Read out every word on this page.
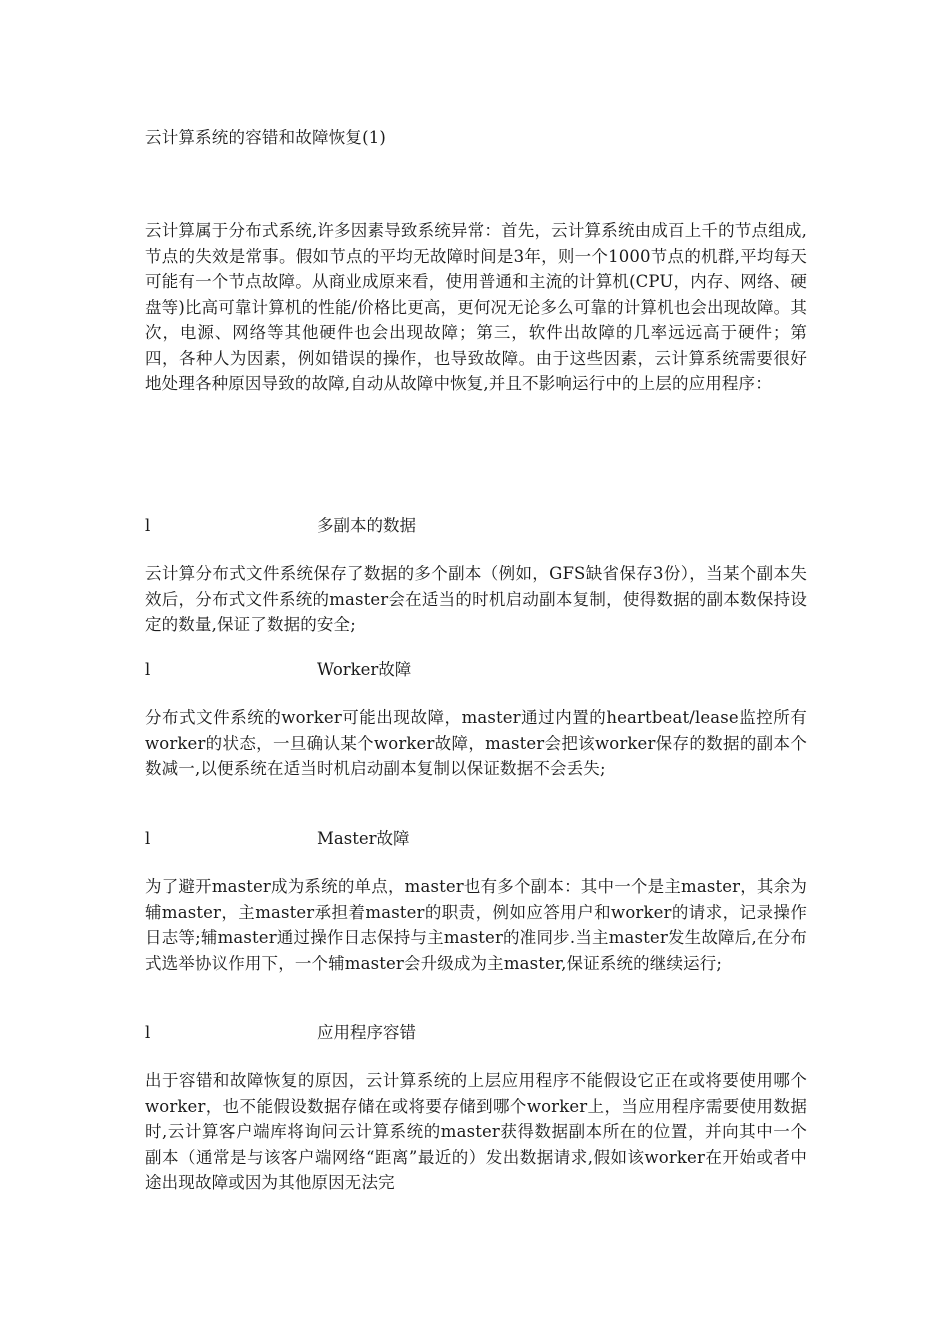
云计算系统的容错和故障恢复(1)
云计算属于分布式系统,许多因素导致系统异常：首先，云计算系统由成百上千的节点组成,节点的失效是常事。假如节点的平均无故障时间是3年，则一个1000节点的机群,平均每天可能有一个节点故障。从商业成原来看，使用普通和主流的计算机(CPU，内存、网络、硬盘等)比高可靠计算机的性能/价格比更高，更何况无论多么可靠的计算机也会出现故障。其次，电源、网络等其他硬件也会出现故障；第三，软件出故障的几率远远高于硬件；第四，各种人为因素，例如错误的操作，也导致故障。由于这些因素，云计算系统需要很好地处理各种原因导致的故障,自动从故障中恢复,并且不影响运行中的上层的应用程序：
l	多副本的数据
云计算分布式文件系统保存了数据的多个副本（例如，GFS缺省保存3份），当某个副本失效后，分布式文件系统的master会在适当的时机启动副本复制，使得数据的副本数保持设定的数量,保证了数据的安全;
l	Worker故障
分布式文件系统的worker可能出现故障，master通过内置的heartbeat/lease监控所有worker的状态，一旦确认某个worker故障，master会把该worker保存的数据的副本个数减一,以便系统在适当时机启动副本复制以保证数据不会丢失;
l	Master故障
为了避开master成为系统的单点，master也有多个副本：其中一个是主master，其余为辅master，主master承担着master的职责，例如应答用户和worker的请求，记录操作日志等;辅master通过操作日志保持与主master的准同步.当主master发生故障后,在分布式选举协议作用下，一个辅master会升级成为主master,保证系统的继续运行;
l	应用程序容错
出于容错和故障恢复的原因，云计算系统的上层应用程序不能假设它正在或将要使用哪个worker，也不能假设数据存储在或将要存储到哪个worker上，当应用程序需要使用数据时,云计算客户端库将询问云计算系统的master获得数据副本所在的位置，并向其中一个副本（通常是与该客户端网络“距离”最近的）发出数据请求,假如该worker在开始或者中途出现故障或因为其他原因无法完
